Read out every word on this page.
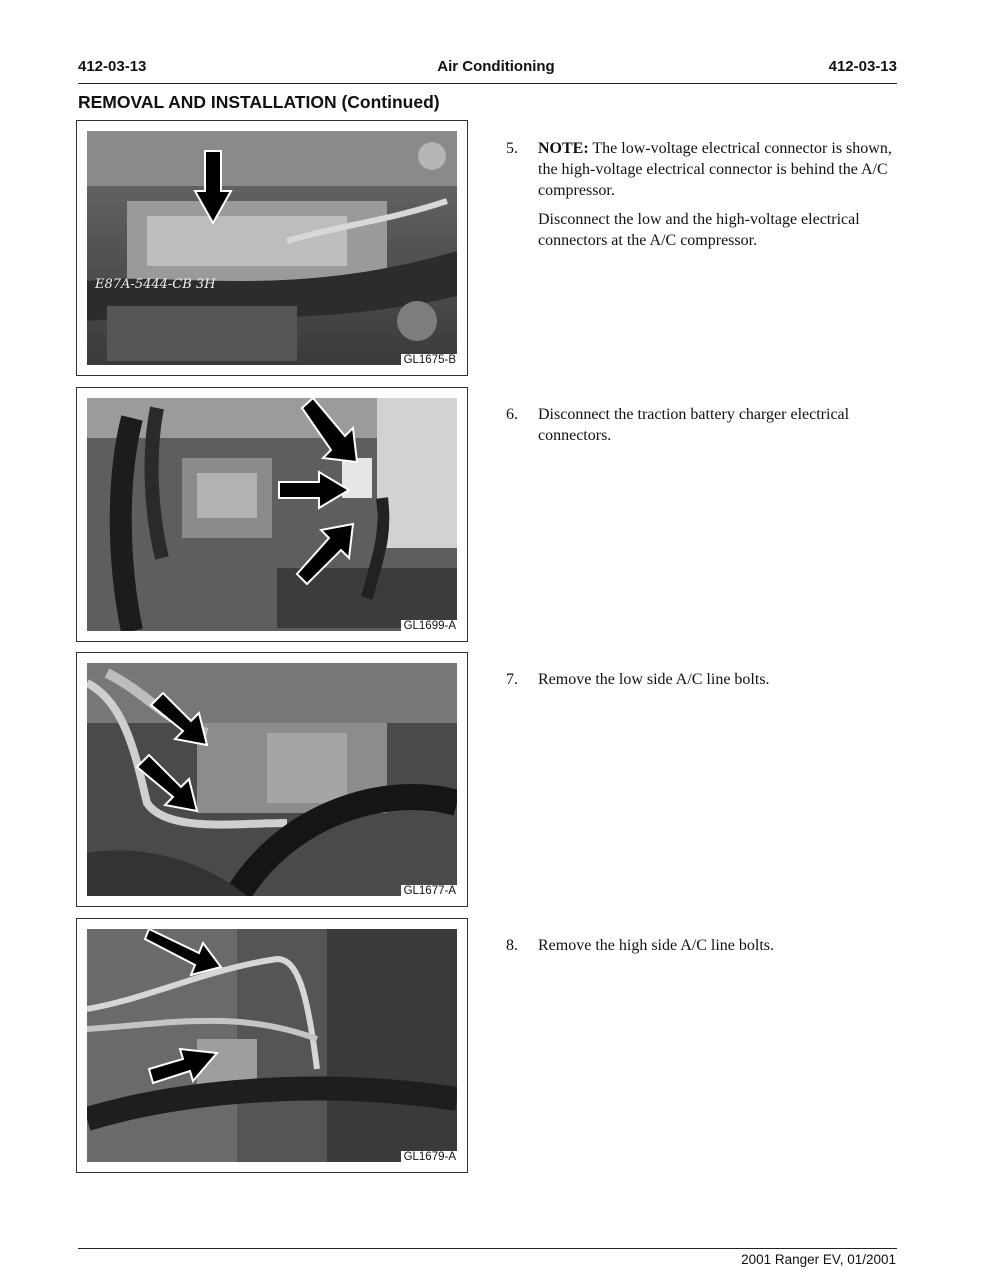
412-03-13	Air Conditioning	412-03-13
REMOVAL AND INSTALLATION (Continued)
E87A-5444-CB 3H
GL1675-B
GL1699-A
GL1677-A
GL1679-A
5. NOTE: The low-voltage electrical connector is shown, the high-voltage electrical connector is behind the A/C compressor.

Disconnect the low and the high-voltage electrical connectors at the A/C compressor.

6. Disconnect the traction battery charger electrical connectors.

7. Remove the low side A/C line bolts.

8. Remove the high side A/C line bolts.

2001 Ranger EV, 01/2001
